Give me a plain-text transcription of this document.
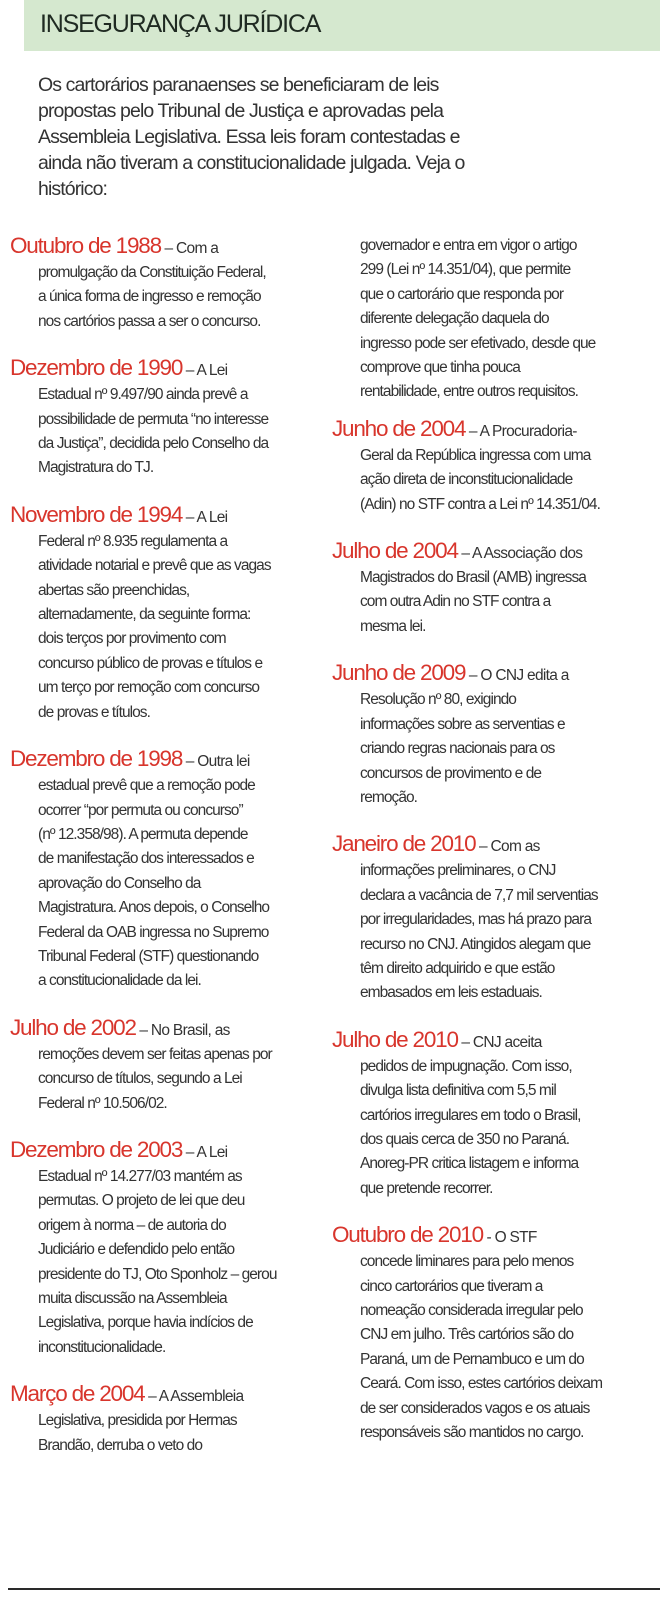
INSEGURANÇA JURÍDICA
Os cartorários paranaenses se beneficiaram de leis
propostas pelo Tribunal de Justiça e aprovadas pela
Assembleia Legislativa. Essa leis foram contestadas e
ainda não tiveram a constitucionalidade julgada. Veja o
histórico:
Outubro de 1988 – Com a
promulgação da Constituição Federal,
a única forma de ingresso e remoção
nos cartórios passa a ser o concurso.
Dezembro de 1990 – A Lei
Estadual nº 9.497/90 ainda prevê a
possibilidade de permuta “no interesse
da Justiça”, decidida pelo Conselho da
Magistratura do TJ.
Novembro de 1994 – A Lei
Federal nº 8.935 regulamenta a
atividade notarial e prevê que as vagas
abertas são preenchidas,
alternadamente, da seguinte forma:
dois terços por provimento com
concurso público de provas e títulos e
um terço por remoção com concurso
de provas e títulos.
Dezembro de 1998 – Outra lei
estadual prevê que a remoção pode
ocorrer “por permuta ou concurso”
(nº 12.358/98). A permuta depende
de manifestação dos interessados e
aprovação do Conselho da
Magistratura. Anos depois, o Conselho
Federal da OAB ingressa no Supremo
Tribunal Federal (STF) questionando
a constitucionalidade da lei.
Julho de 2002 – No Brasil, as
remoções devem ser feitas apenas por
concurso de títulos, segundo a Lei
Federal nº 10.506/02.
Dezembro de 2003 – A Lei
Estadual nº 14.277/03 mantém as
permutas. O projeto de lei que deu
origem à norma – de autoria do
Judiciário e defendido pelo então
presidente do TJ, Oto Sponholz – gerou
muita discussão na Assembleia
Legislativa, porque havia indícios de
inconstitucionalidade.
Março de 2004 – A Assembleia
Legislativa, presidida por Hermas
Brandão, derruba o veto do
governador e entra em vigor o artigo
299 (Lei nº 14.351/04), que permite
que o cartorário que responda por
diferente delegação daquela do
ingresso pode ser efetivado, desde que
comprove que tinha pouca
rentabilidade, entre outros requisitos.
Junho de 2004 – A Procuradoria-
Geral da República ingressa com uma
ação direta de inconstitucionalidade
(Adin) no STF contra a Lei nº 14.351/04.
Julho de 2004 – A Associação dos
Magistrados do Brasil (AMB) ingressa
com outra Adin no STF contra a
mesma lei.
Junho de 2009 – O CNJ edita a
Resolução nº 80, exigindo
informações sobre as serventias e
criando regras nacionais para os
concursos de provimento e de
remoção.
Janeiro de 2010 – Com as
informações preliminares, o CNJ
declara a vacância de 7,7 mil serventias
por irregularidades, mas há prazo para
recurso no CNJ. Atingidos alegam que
têm direito adquirido e que estão
embasados em leis estaduais.
Julho de 2010 – CNJ aceita
pedidos de impugnação. Com isso,
divulga lista definitiva com 5,5 mil
cartórios irregulares em todo o Brasil,
dos quais cerca de 350 no Paraná.
Anoreg-PR critica listagem e informa
que pretende recorrer.
Outubro de 2010 - O STF
concede liminares para pelo menos
cinco cartorários que tiveram a
nomeação considerada irregular pelo
CNJ em julho. Três cartórios são do
Paraná, um de Pernambuco e um do
Ceará. Com isso, estes cartórios deixam
de ser considerados vagos e os atuais
responsáveis são mantidos no cargo.
